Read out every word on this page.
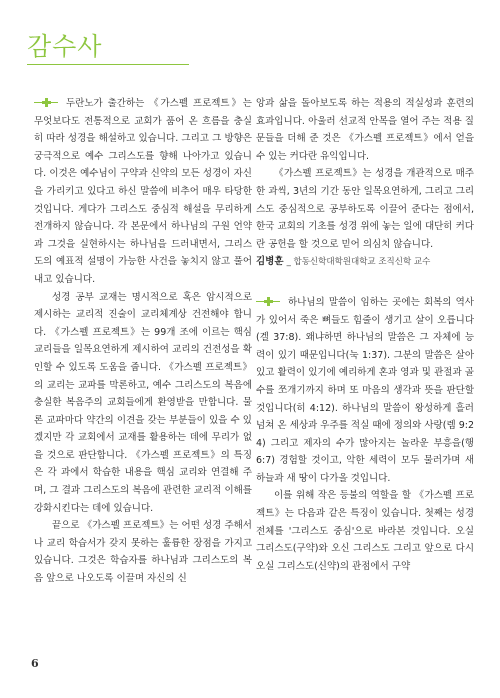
감수사

두란노가 출간하는 《가스펠 프로젝트》는 무엇보다도 전통적으로 교회가 품어 온 흐름을 충실히 따라 성경을 해설하고 있습니다. 그리고 그 방향은 궁극적으로 예수 그리스도를 향해 나아가고 있습니다. 이것은 예수님이 구약과 신약의 모든 성경이 자신을 가리키고 있다고 하신 말씀에 비추어 매우 타당한 것입니다. 게다가 그리스도 중심적 해설을 무리하게 전개하지 않습니다. 각 본문에서 하나님의 구원 언약과 그것을 실현하시는 하나님을 드러내면서, 그리스도의 예표적 설명이 가능한 사건을 놓치지 않고 풀어내고 있습니다.

성경 공부 교재는 명시적으로 혹은 암시적으로 제시하는 교리적 진술이 교리체계상 건전해야 합니다. 《가스펠 프로젝트》는 99개 조에 이르는 핵심 교리들을 일목요연하게 제시하여 교리의 건전성을 확인할 수 있도록 도움을 줍니다. 《가스펠 프로젝트》의 교리는 교파를 막론하고, 예수 그리스도의 복음에 충실한 복음주의 교회들에게 환영받을 만합니다. 물론 교파마다 약간의 이견을 갖는 부분들이 있을 수 있겠지만 각 교회에서 교재를 활용하는 데에 무리가 없을 것으로 판단합니다. 《가스펠 프로젝트》의 특징은 각 과에서 학습한 내용을 핵심 교리와 연결해 주며, 그 결과 그리스도의 복음에 관련한 교리적 이해를 강화시킨다는 데에 있습니다.

끝으로 《가스펠 프로젝트》는 어떤 성경 주해서나 교리 학습서가 갖지 못하는 훌륭한 장점을 가지고 있습니다. 그것은 학습자를 하나님과 그리스도의 복음 앞으로 나오도록 이끌며 자신의 신

앙과 삶을 돌아보도록 하는 적용의 적실성과 훈련의 효과입니다. 아울러 선교적 안목을 열어 주는 적용 질문들을 더해 준 것은 《가스펠 프로젝트》에서 얻을 수 있는 커다란 유익입니다.

《가스펠 프로젝트》는 성경을 개관적으로 매주한 과씩, 3년의 기간 동안 일목요연하게, 그리고 그리스도 중심적으로 공부하도록 이끌어 준다는 점에서, 한국 교회의 기초를 성경 위에 놓는 일에 대단히 커다란 공헌을 할 것으로 믿어 의심치 않습니다.

김병훈 _ 합동신학대학원대학교 조직신학 교수

하나님의 말씀이 임하는 곳에는 회복의 역사가 있어서 죽은 뼈들도 힘줄이 생기고 살이 오릅니다(겔 37:8). 왜냐하면 하나님의 말씀은 그 자체에 능력이 있기 때문입니다(눅 1:37). 그분의 말씀은 살아 있고 활력이 있기에 예리하게 혼과 영과 및 관절과 골수를 쪼개기까지 하며 또 마음의 생각과 뜻을 판단할 것입니다(히 4:12). 하나님의 말씀이 왕성하게 흘러넘쳐 온 세상과 우주를 적실 때에 정의와 사랑(렘 9:24) 그리고 제자의 수가 많아지는 놀라운 부흥을(행 6:7) 경험할 것이고, 악한 세력이 모두 물러가며 새 하늘과 새 땅이 다가올 것입니다.

이를 위해 작은 등불의 역할을 할 《가스펠 프로젝트》는 다음과 같은 특징이 있습니다. 첫째는 성경 전체를 '그리스도 중심'으로 바라본 것입니다. 오실 그리스도(구약)와 오신 그리스도 그리고 앞으로 다시 오실 그리스도(신약)의 관점에서 구약

6
